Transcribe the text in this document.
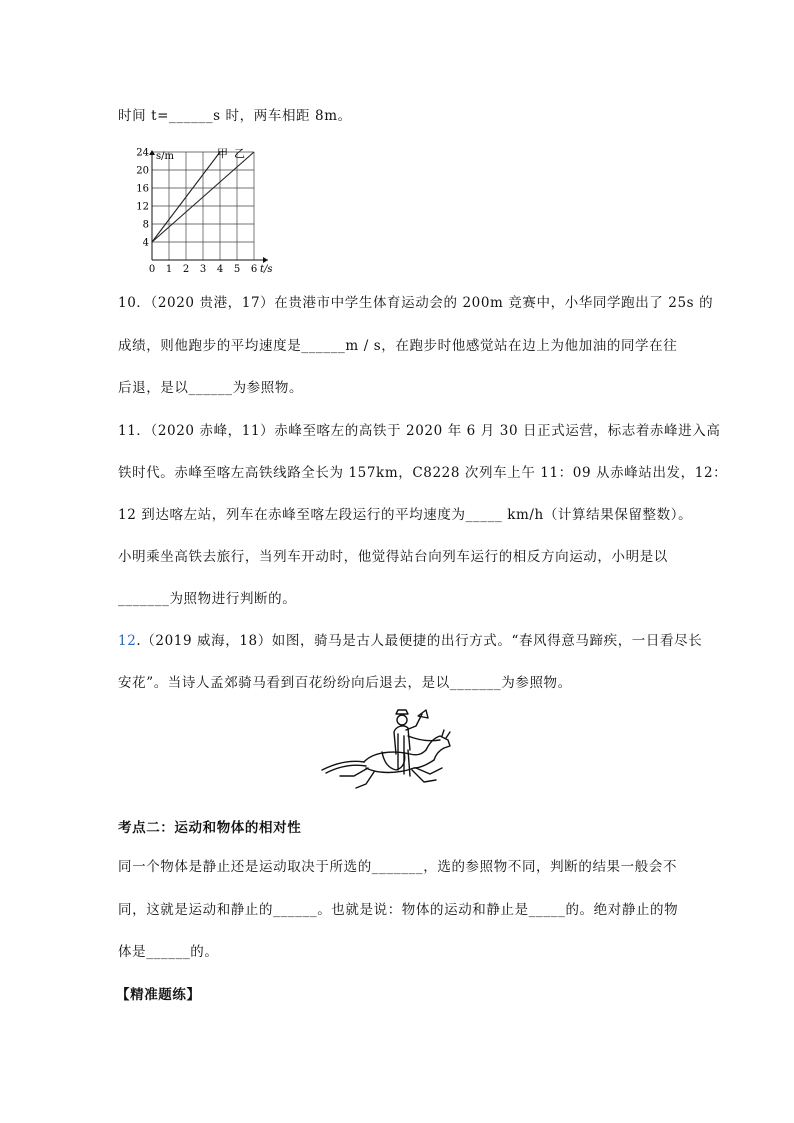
时间 t=______s 时，两车相距 8m。
24
20
16
12
8
4
0 1 2 3 4 5 6
s/m
t/s
甲 乙
10．（2020 贵港，17）在贵港市中学生体育运动会的 200m 竞赛中，小华同学跑出了 25s 的
成绩，则他跑步的平均速度是______m / s，在跑步时他感觉站在边上为他加油的同学在往
后退，是以______为参照物。
11．（2020 赤峰，11）赤峰至喀左的高铁于 2020 年 6 月 30 日正式运营，标志着赤峰进入高
铁时代。赤峰至喀左高铁线路全长为 157km，C8228 次列车上午 11：09 从赤峰站出发，12：
12 到达喀左站，列车在赤峰至喀左段运行的平均速度为_____ km/h（计算结果保留整数）。
小明乘坐高铁去旅行，当列车开动时，他觉得站台向列车运行的相反方向运动，小明是以
_______为照物进行判断的。
12.（2019 威海，18）如图，骑马是古人最便捷的出行方式。“春风得意马蹄疾，一日看尽长
安花”。当诗人孟郊骑马看到百花纷纷向后退去，是以_______为参照物。
考点二：运动和物体的相对性
同一个物体是静止还是运动取决于所选的_______，选的参照物不同，判断的结果一般会不
同，这就是运动和静止的______。也就是说：物体的运动和静止是_____的。绝对静止的物
体是______的。
【精准题练】
